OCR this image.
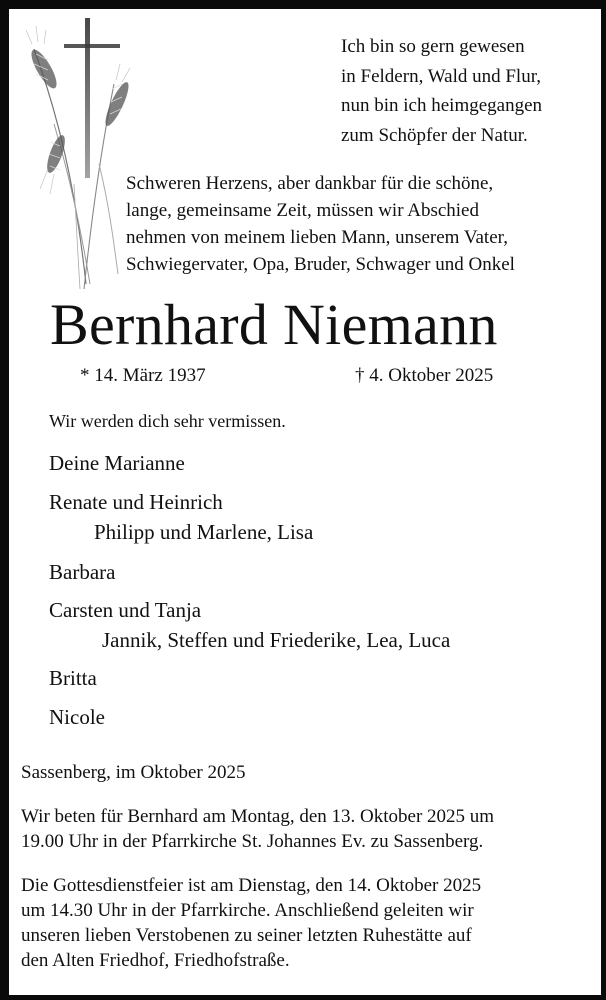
Ich bin so gern gewesen
in Feldern, Wald und Flur,
nun bin ich heimgegangen
zum Schöpfer der Natur.
Schweren Herzens, aber dankbar für die schöne,
lange, gemeinsame Zeit, müssen wir Abschied
nehmen von meinem lieben Mann, unserem Vater,
Schwiegervater, Opa, Bruder, Schwager und Onkel
Bernhard Niemann
* 14. März 1937	† 4. Oktober 2025
Wir werden dich sehr vermissen.
Deine Marianne
Renate und Heinrich
Philipp und Marlene, Lisa
Barbara
Carsten und Tanja
Jannik, Steffen und Friederike, Lea, Luca
Britta
Nicole
Sassenberg, im Oktober 2025
Wir beten für Bernhard am Montag, den 13. Oktober 2025 um
19.00 Uhr in der Pfarrkirche St. Johannes Ev. zu Sassenberg.
Die Gottesdienstfeier ist am Dienstag, den 14. Oktober 2025
um 14.30 Uhr in der Pfarrkirche. Anschließend geleiten wir
unseren lieben Verstobenen zu seiner letzten Ruhestätte auf
den Alten Friedhof, Friedhofstraße.
